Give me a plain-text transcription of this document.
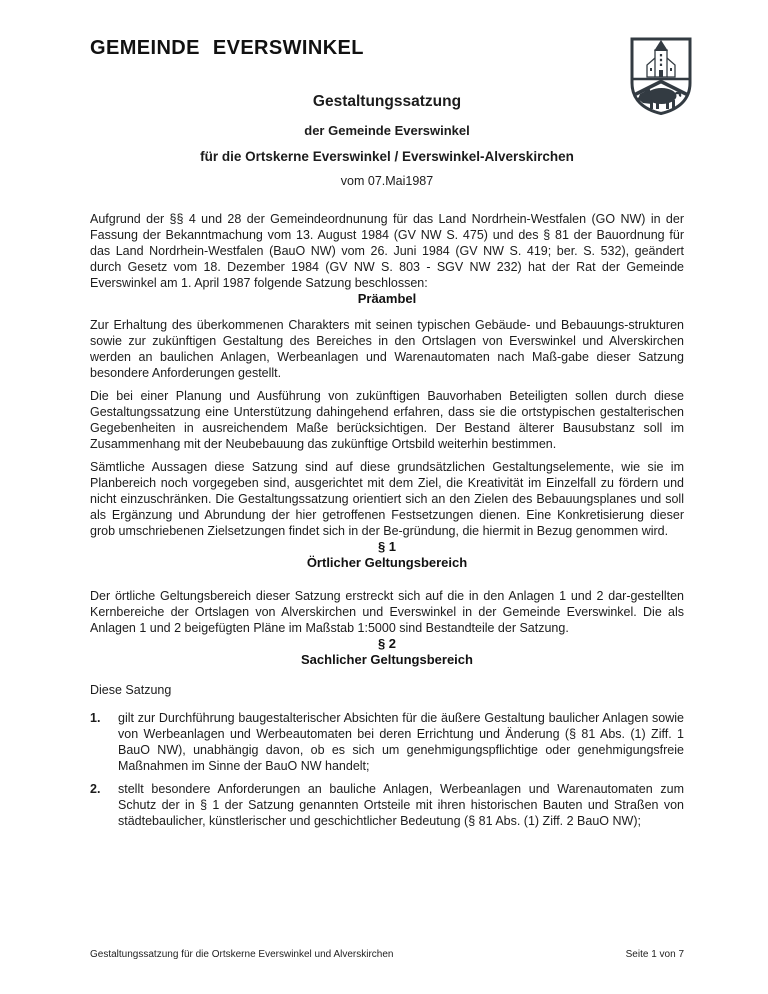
GEMEINDE EVERSWINKEL
Gestaltungssatzung
der Gemeinde Everswinkel
für die Ortskerne Everswinkel / Everswinkel-Alverskirchen
vom 07.Mai1987

Aufgrund der §§ 4 und 28 der Gemeindeordnunung für das Land Nordrhein-Westfalen (GO NW) in der Fassung der Bekanntmachung vom 13. August 1984 (GV NW S. 475) und des § 81 der Bauordnung für das Land Nordrhein-Westfalen (BauO NW) vom 26. Juni 1984 (GV NW S. 419; ber. S. 532), geändert durch Gesetz vom 18. Dezember 1984 (GV NW S. 803 - SGV NW 232) hat der Rat der Gemeinde Everswinkel am 1. April 1987 folgende Satzung beschlossen:

Präambel

Zur Erhaltung des überkommenen Charakters mit seinen typischen Gebäude- und Bebauungs-strukturen sowie zur zukünftigen Gestaltung des Bereiches in den Ortslagen von Everswinkel und Alverskirchen werden an baulichen Anlagen, Werbeanlagen und Warenautomaten nach Maß-gabe dieser Satzung besondere Anforderungen gestellt.

Die bei einer Planung und Ausführung von zukünftigen Bauvorhaben Beteiligten sollen durch diese Gestaltungssatzung eine Unterstützung dahingehend erfahren, dass sie die ortstypischen gestalterischen Gegebenheiten in ausreichendem Maße berücksichtigen. Der Bestand älterer Bausubstanz soll im Zusammenhang mit der Neubebauung das zukünftige Ortsbild weiterhin bestimmen.

Sämtliche Aussagen diese Satzung sind auf diese grundsätzlichen Gestaltungselemente, wie sie im Planbereich noch vorgegeben sind, ausgerichtet mit dem Ziel, die Kreativität im Einzelfall zu fördern und nicht einzuschränken. Die Gestaltungssatzung orientiert sich an den Zielen des Bebauungsplanes und soll als Ergänzung und Abrundung der hier getroffenen Festsetzungen dienen. Eine Konkretisierung dieser grob umschriebenen Zielsetzungen findet sich in der Be-gründung, die hiermit in Bezug genommen wird.

§ 1
Örtlicher Geltungsbereich

Der örtliche Geltungsbereich dieser Satzung erstreckt sich auf die in den Anlagen 1 und 2 dar-gestellten Kernbereiche der Ortslagen von Alverskirchen und Everswinkel in der Gemeinde Everswinkel. Die als Anlagen 1 und 2 beigefügten Pläne im Maßstab 1:5000 sind Bestandteile der Satzung.

§ 2
Sachlicher Geltungsbereich

Diese Satzung

1.	gilt zur Durchführung baugestalterischer Absichten für die äußere Gestaltung baulicher Anlagen sowie von Werbeanlagen und Werbeautomaten bei deren Errichtung und Änderung (§ 81 Abs. (1) Ziff. 1 BauO NW), unabhängig davon, ob es sich um genehmigungspflichtige oder genehmigungsfreie Maßnahmen im Sinne der BauO NW handelt;

2.	stellt besondere Anforderungen an bauliche Anlagen, Werbeanlagen und Warenautomaten zum Schutz der in § 1 der Satzung genannten Ortsteile mit ihren historischen Bauten und Straßen von städtebaulicher, künstlerischer und geschichtlicher Bedeutung (§ 81 Abs. (1) Ziff. 2 BauO NW);

Gestaltungssatzung für die Ortskerne Everswinkel und Alverskirchen	Seite 1 von 7
